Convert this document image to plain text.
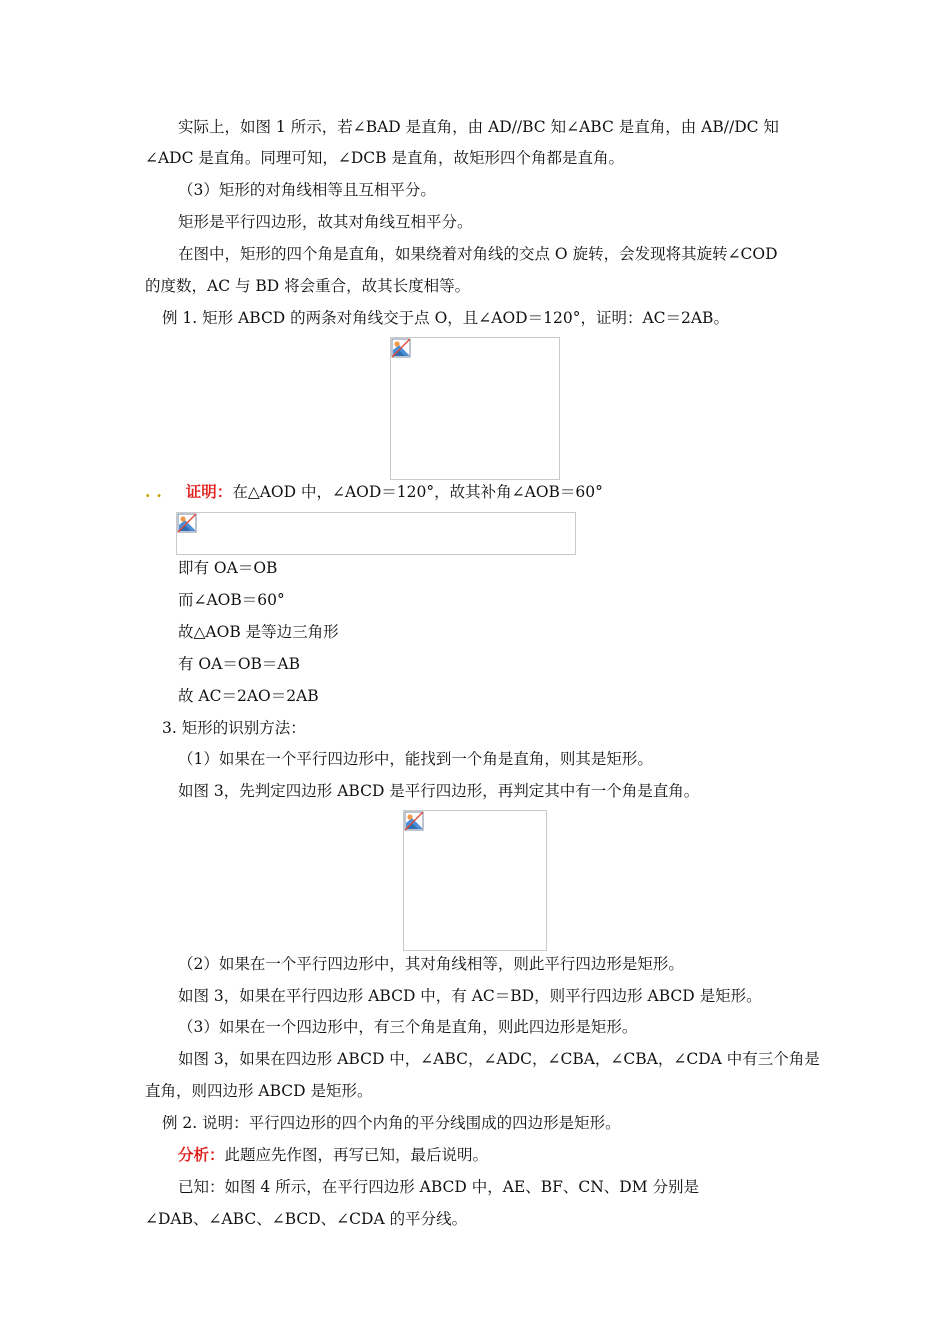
实际上，如图 1 所示，若∠BAD 是直角，由 AD//BC 知∠ABC 是直角，由 AB//DC 知
∠ADC 是直角。同理可知，∠DCB 是直角，故矩形四个角都是直角。
（3）矩形的对角线相等且互相平分。
矩形是平行四边形，故其对角线互相平分。
在图中，矩形的四个角是直角，如果绕着对角线的交点 O 旋转，会发现将其旋转∠COD
的度数，AC 与 BD 将会重合，故其长度相等。
例 1. 矩形 ABCD 的两条对角线交于点 O，且∠AOD＝120°，证明：AC＝2AB。
.. 证明：在△AOD 中，∠AOD＝120°，故其补角∠AOB＝60°
即有 OA＝OB
而∠AOB＝60°
故△AOB 是等边三角形
有 OA＝OB＝AB
故 AC＝2AO＝2AB
3. 矩形的识别方法：
（1）如果在一个平行四边形中，能找到一个角是直角，则其是矩形。
如图 3，先判定四边形 ABCD 是平行四边形，再判定其中有一个角是直角。
（2）如果在一个平行四边形中，其对角线相等，则此平行四边形是矩形。
如图 3，如果在平行四边形 ABCD 中，有 AC＝BD，则平行四边形 ABCD 是矩形。
（3）如果在一个四边形中，有三个角是直角，则此四边形是矩形。
如图 3，如果在四边形 ABCD 中，∠ABC，∠ADC，∠CBA，∠CBA，∠CDA 中有三个角是
直角，则四边形 ABCD 是矩形。
例 2. 说明：平行四边形的四个内角的平分线围成的四边形是矩形。
分析：此题应先作图，再写已知，最后说明。
已知：如图 4 所示，在平行四边形 ABCD 中，AE、BF、CN、DM 分别是
∠DAB、∠ABC、∠BCD、∠CDA 的平分线。
